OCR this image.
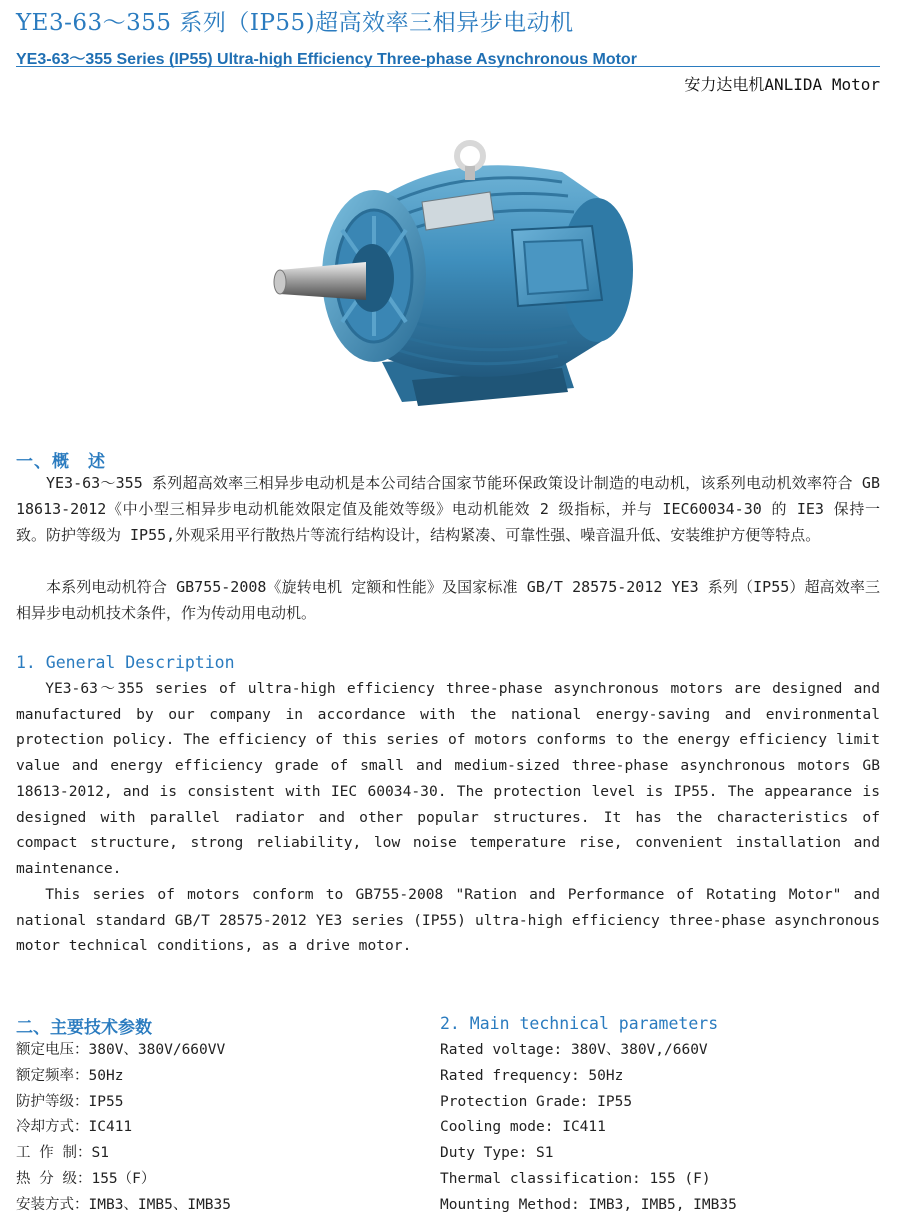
YE3-63～355 系列（IP55)超高效率三相异步电动机
YE3-63～355 Series (IP55) Ultra-high Efficiency Three-phase Asynchronous Motor
安力达电机ANLIDA Motor
一、概　述

YE3-63～355 系列超高效率三相异步电动机是本公司结合国家节能环保政策设计制造的电动机，该系列电动机效率符合 GB 18613-2012《中小型三相异步电动机能效限定值及能效等级》电动机能效 2 级指标，并与 IEC60034-30 的 IE3 保持一致。防护等级为 IP55,外观采用平行散热片等流行结构设计，结构紧凑、可靠性强、噪音温升低、安装维护方便等特点。

本系列电动机符合 GB755-2008《旋转电机 定额和性能》及国家标准 GB/T 28575-2012 YE3 系列（IP55）超高效率三相异步电动机技术条件，作为传动用电动机。

1. General Description

YE3-63～355 series of ultra-high efficiency three-phase asynchronous motors are designed and manufactured by our company in accordance with the national energy-saving and environmental protection policy. The efficiency of this series of motors conforms to the energy efficiency limit value and energy efficiency grade of small and medium-sized three-phase asynchronous motors GB 18613-2012, and is consistent with IEC 60034-30. The protection level is IP55. The appearance is designed with parallel radiator and other popular structures. It has the characteristics of compact structure, strong reliability, low noise temperature rise, convenient installation and maintenance.

This series of motors conform to GB755-2008 "Ration and Performance of Rotating Motor" and national standard GB/T 28575-2012 YE3 series (IP55) ultra-high efficiency three-phase asynchronous motor technical conditions, as a drive motor.

二、主要技术参数	2. Main technical parameters
额定电压：380V、380V/660VV
额定频率：50Hz
防护等级：IP55
冷却方式：IC411
工 作 制：S1
热 分 级：155（F）
安装方式：IMB3、IMB5、IMB35
Rated voltage: 380V、380V,/660V
Rated frequency: 50Hz
Protection Grade: IP55
Cooling mode: IC411
Duty Type: S1
Thermal classification: 155 (F)
Mounting Method: IMB3, IMB5, IMB35
